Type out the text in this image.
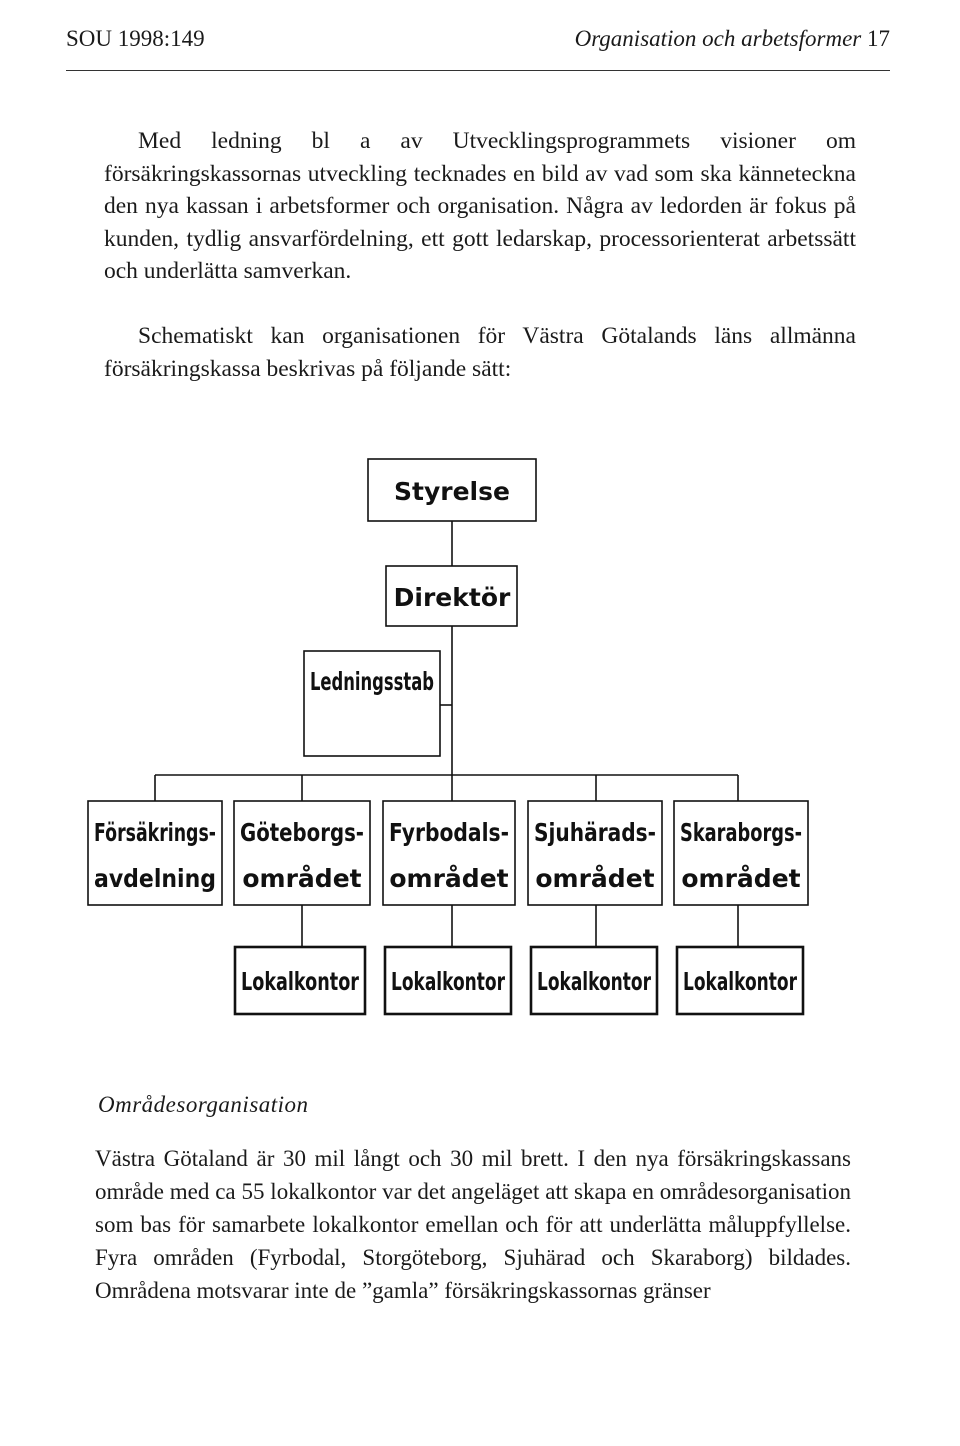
SOU 1998:149	Organisation och arbetsformer 17

Med ledning bl a av Utvecklingsprogrammets visioner om försäkringskassornas utveckling tecknades en bild av vad som ska känneteckna den nya kassan i arbetsformer och organisation. Några av ledorden är fokus på kunden, tydlig ansvarfördelning, ett gott ledarskap, processorienterat arbetssätt och underlätta samverkan.

Schematiskt kan organisationen för Västra Götalands läns allmänna försäkringskassa beskrivas på följande sätt:

Styrelse
Direktör
Ledningsstab
Försäkrings-
avdelning
Göteborgs-
området
Fyrbodals-
området
Sjuhärads-
området
Skaraborgs-
området
Lokalkontor Lokalkontor Lokalkontor Lokalkontor
Områdesorganisation

Västra Götaland är 30 mil långt och 30 mil brett. I den nya försäkringskassans område med ca 55 lokalkontor var det angeläget att skapa en områdesorganisation som bas för samarbete lokalkontor emellan och för att underlätta måluppfyllelse. Fyra områden (Fyrbodal, Storgöteborg, Sjuhärad och Skaraborg) bildades. Områdena motsvarar inte de ”gamla” försäkringskassornas gränser
